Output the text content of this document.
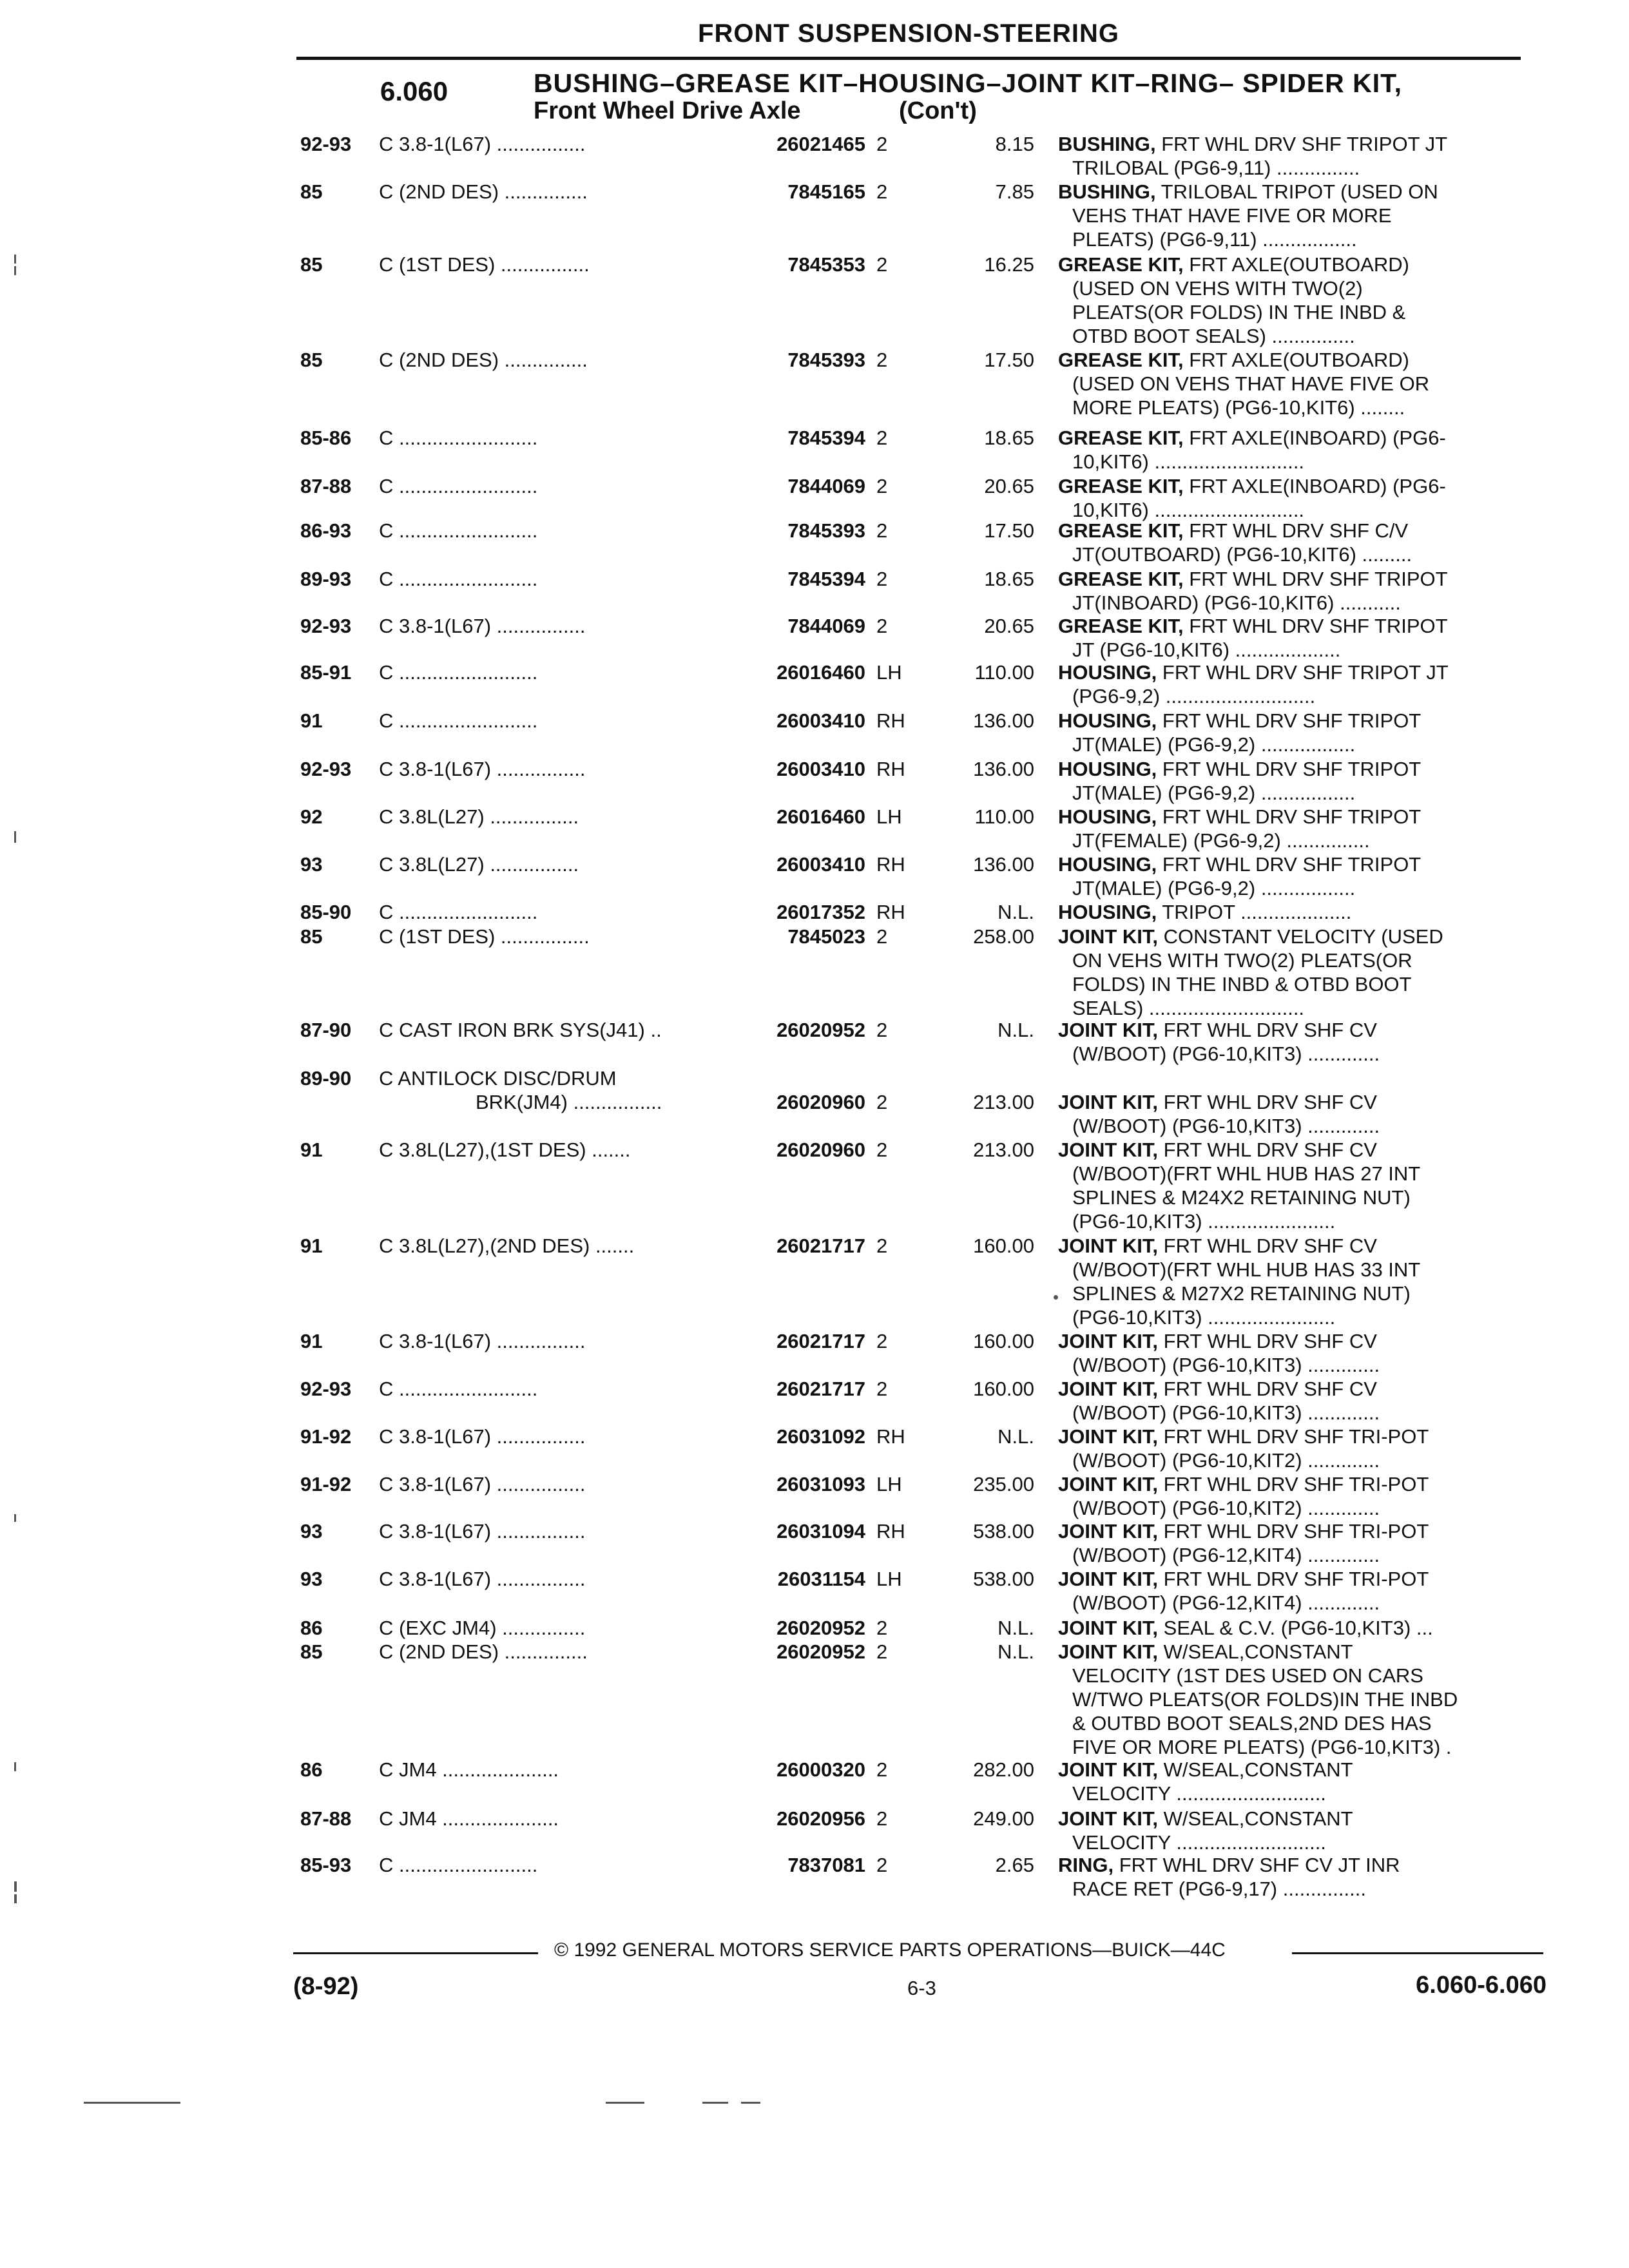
FRONT SUSPENSION-STEERING
6.060	BUSHING–GREASE KIT–HOUSING–JOINT KIT–RING– SPIDER KIT,
Front Wheel Drive Axle	(Con't)
92-93 C 3.8-1(L67) ................	26021465 2	8.15 BUSHING, FRT WHL DRV SHF TRIPOT JT
TRILOBAL (PG6-9,11) ...............
85	C (2ND DES) ...............	7845165 2	7.85 BUSHING, TRILOBAL TRIPOT (USED ON
VEHS THAT HAVE FIVE OR MORE
PLEATS) (PG6-9,11) .................
85	C (1ST DES) ................	7845353 2	16.25 GREASE KIT, FRT AXLE(OUTBOARD)
(USED ON VEHS WITH TWO(2)
PLEATS(OR FOLDS) IN THE INBD &
OTBD BOOT SEALS) ...............
85	C (2ND DES) ...............	7845393 2	17.50 GREASE KIT, FRT AXLE(OUTBOARD)
(USED ON VEHS THAT HAVE FIVE OR
MORE PLEATS) (PG6-10,KIT6) ........
85-86 C .........................	7845394 2	18.65 GREASE KIT, FRT AXLE(INBOARD) (PG6-
10,KIT6) ...........................
87-88 C .........................	7844069 2	20.65 GREASE KIT, FRT AXLE(INBOARD) (PG6-
10,KIT6) ...........................
86-93 C .........................	7845393 2	17.50 GREASE KIT, FRT WHL DRV SHF C/V
JT(OUTBOARD) (PG6-10,KIT6) .........
89-93 C .........................	7845394 2	18.65 GREASE KIT, FRT WHL DRV SHF TRIPOT
JT(INBOARD) (PG6-10,KIT6) ...........
92-93 C 3.8-1(L67) ................	7844069 2	20.65 GREASE KIT, FRT WHL DRV SHF TRIPOT
JT (PG6-10,KIT6) ...................
85-91 C .........................	26016460 LH	110.00 HOUSING, FRT WHL DRV SHF TRIPOT JT
(PG6-9,2) ...........................
91	C .........................	26003410 RH	136.00 HOUSING, FRT WHL DRV SHF TRIPOT
JT(MALE) (PG6-9,2) .................
92-93 C 3.8-1(L67) ................	26003410 RH	136.00 HOUSING, FRT WHL DRV SHF TRIPOT
JT(MALE) (PG6-9,2) .................
92	C 3.8L(L27) ................	26016460 LH	110.00 HOUSING, FRT WHL DRV SHF TRIPOT
JT(FEMALE) (PG6-9,2) ...............
93	C 3.8L(L27) ................	26003410 RH	136.00 HOUSING, FRT WHL DRV SHF TRIPOT
JT(MALE) (PG6-9,2) .................
85-90 C .........................	26017352 RH	N.L. HOUSING, TRIPOT ....................
85	C (1ST DES) ................	7845023 2	258.00 JOINT KIT, CONSTANT VELOCITY (USED
ON VEHS WITH TWO(2) PLEATS(OR
FOLDS) IN THE INBD & OTBD BOOT
SEALS) ............................
87-90 C CAST IRON BRK SYS(J41) ..	26020952 2	N.L. JOINT KIT, FRT WHL DRV SHF CV
(W/BOOT) (PG6-10,KIT3) .............
89-90 C ANTILOCK DISC/DRUM
BRK(JM4) ................	26020960 2	213.00 JOINT KIT, FRT WHL DRV SHF CV
(W/BOOT) (PG6-10,KIT3) .............
91	C 3.8L(L27),(1ST DES) .......	26020960 2	213.00 JOINT KIT, FRT WHL DRV SHF CV
(W/BOOT)(FRT WHL HUB HAS 27 INT
SPLINES & M24X2 RETAINING NUT)
(PG6-10,KIT3) .......................
91	C 3.8L(L27),(2ND DES) .......	26021717 2	160.00 JOINT KIT, FRT WHL DRV SHF CV
(W/BOOT)(FRT WHL HUB HAS 33 INT
SPLINES & M27X2 RETAINING NUT)
(PG6-10,KIT3) .......................
91	C 3.8-1(L67) ................	26021717 2	160.00 JOINT KIT, FRT WHL DRV SHF CV
(W/BOOT) (PG6-10,KIT3) .............
92-93 C .........................	26021717 2	160.00 JOINT KIT, FRT WHL DRV SHF CV
(W/BOOT) (PG6-10,KIT3) .............
91-92 C 3.8-1(L67) ................	26031092 RH	N.L. JOINT KIT, FRT WHL DRV SHF TRI-POT
(W/BOOT) (PG6-10,KIT2) .............
91-92 C 3.8-1(L67) ................	26031093 LH	235.00 JOINT KIT, FRT WHL DRV SHF TRI-POT
(W/BOOT) (PG6-10,KIT2) .............
93	C 3.8-1(L67) ................	26031094 RH	538.00 JOINT KIT, FRT WHL DRV SHF TRI-POT
(W/BOOT) (PG6-12,KIT4) .............
93	C 3.8-1(L67) ................	26031154 LH	538.00 JOINT KIT, FRT WHL DRV SHF TRI-POT
(W/BOOT) (PG6-12,KIT4) .............
86	C (EXC JM4) ...............	26020952 2	N.L. JOINT KIT, SEAL & C.V. (PG6-10,KIT3) ...
85	C (2ND DES) ...............	26020952 2	N.L. JOINT KIT, W/SEAL,CONSTANT
VELOCITY (1ST DES USED ON CARS
W/TWO PLEATS(OR FOLDS)IN THE INBD
& OUTBD BOOT SEALS,2ND DES HAS
FIVE OR MORE PLEATS) (PG6-10,KIT3) .
86	C JM4 .....................	26000320 2	282.00 JOINT KIT, W/SEAL,CONSTANT
VELOCITY ...........................
87-88 C JM4 .....................	26020956 2	249.00 JOINT KIT, W/SEAL,CONSTANT
VELOCITY ...........................
85-93 C .........................	7837081 2	2.65 RING, FRT WHL DRV SHF CV JT INR
RACE RET (PG6-9,17) ...............
© 1992 GENERAL MOTORS SERVICE PARTS OPERATIONS—BUICK—44C
(8-92)	6-3	6.060-6.060
